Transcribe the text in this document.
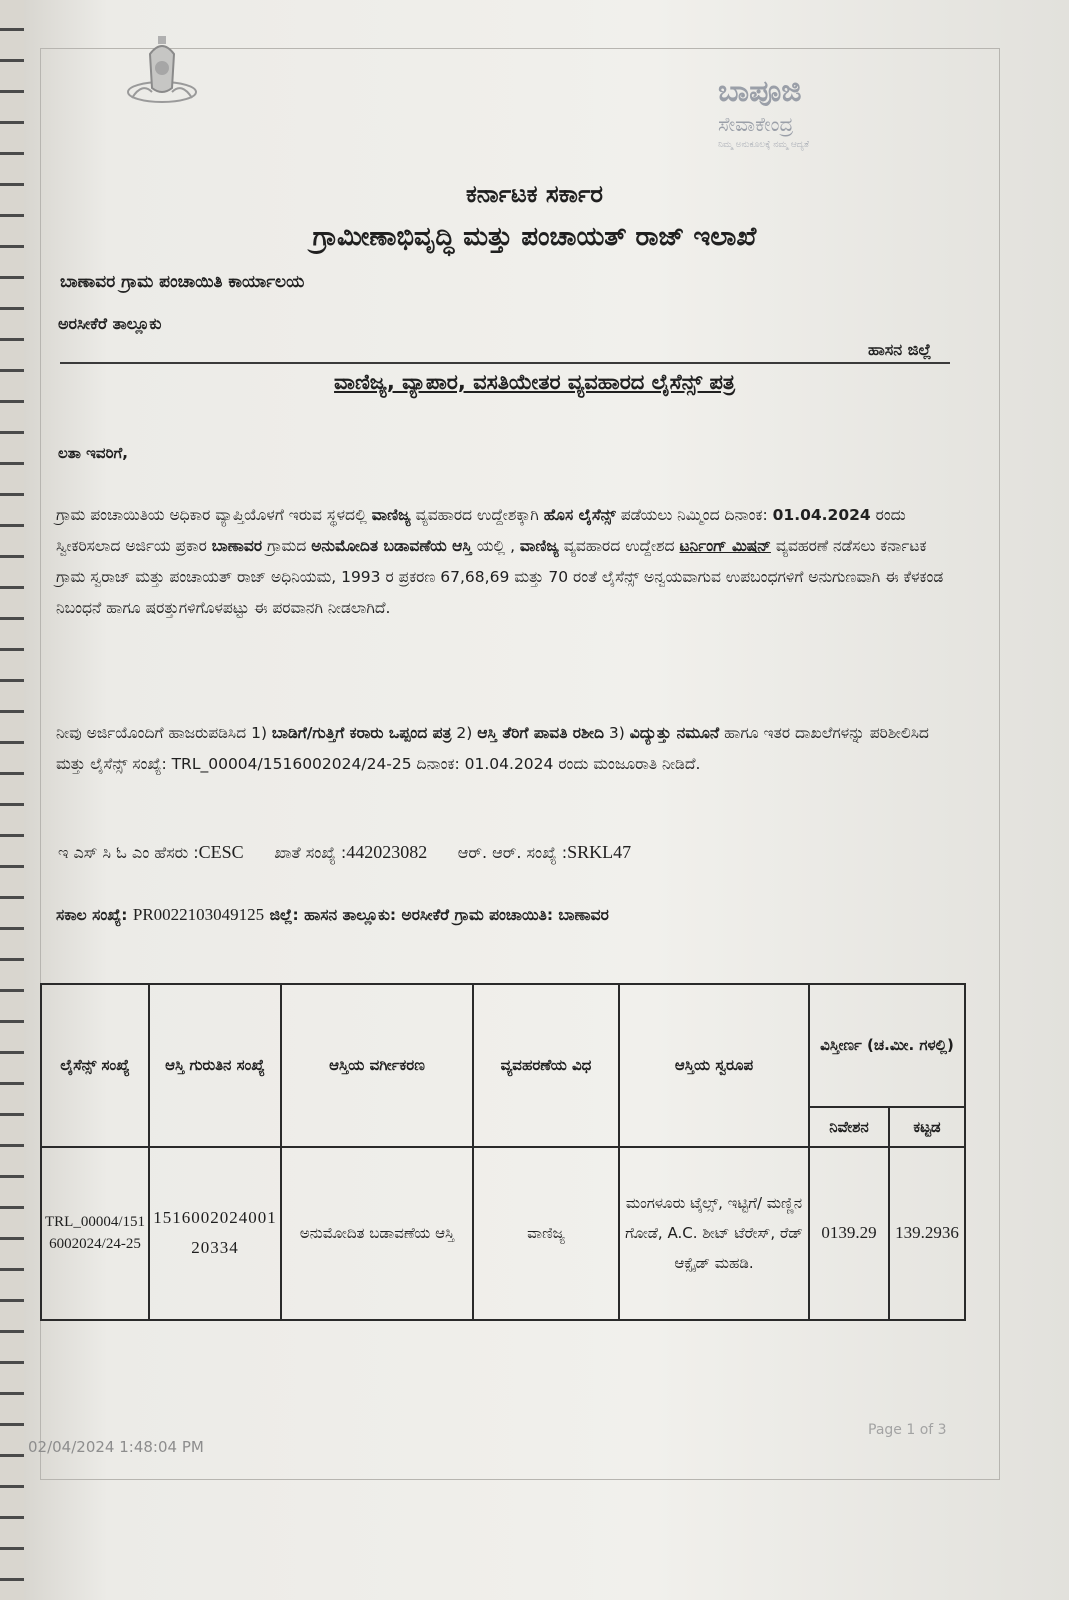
ಬಾಪೂಜಿ
ಸೇವಾಕೇಂದ್ರ
ನಿಮ್ಮ ಅನುಕೂಲಕ್ಕೆ ನಮ್ಮ ಆದ್ಯತೆ
ಕರ್ನಾಟಕ ಸರ್ಕಾರ
ಗ್ರಾಮೀಣಾಭಿವೃದ್ಧಿ ಮತ್ತು ಪಂಚಾಯತ್ ರಾಜ್ ಇಲಾಖೆ
ಬಾಣಾವರ ಗ್ರಾಮ ಪಂಚಾಯಿತಿ ಕಾರ್ಯಾಲಯ
ಅರಸೀಕೆರೆ ತಾಲ್ಲೂಕು
ಹಾಸನ ಜಿಲ್ಲೆ
ವಾಣಿಜ್ಯ, ವ್ಯಾಪಾರ, ವಸತಿಯೇತರ ವ್ಯವಹಾರದ ಲೈಸೆನ್ಸ್ ಪತ್ರ
ಲತಾ ಇವರಿಗೆ,
ಗ್ರಾಮ ಪಂಚಾಯಿತಿಯ ಅಧಿಕಾರ ವ್ಯಾಪ್ತಿಯೊಳಗೆ ಇರುವ ಸ್ಥಳದಲ್ಲಿ ವಾಣಿಜ್ಯ ವ್ಯವಹಾರದ ಉದ್ದೇಶಕ್ಕಾಗಿ ಹೊಸ ಲೈಸೆನ್ಸ್ ಪಡೆಯಲು ನಿಮ್ಮಿಂದ ದಿನಾಂಕ: 01.04.2024 ರಂದು ಸ್ವೀಕರಿಸಲಾದ ಅರ್ಜಿಯ ಪ್ರಕಾರ ಬಾಣಾವರ ಗ್ರಾಮದ ಅನುಮೋದಿತ ಬಡಾವಣೆಯ ಆಸ್ತಿ ಯಲ್ಲಿ , ವಾಣಿಜ್ಯ ವ್ಯವಹಾರದ ಉದ್ದೇಶದ ಟರ್ನಿಂಗ್ ಮಿಷನ್ ವ್ಯವಹರಣೆ ನಡೆಸಲು ಕರ್ನಾಟಕ ಗ್ರಾಮ ಸ್ವರಾಜ್ ಮತ್ತು ಪಂಚಾಯತ್ ರಾಜ್ ಅಧಿನಿಯಮ, 1993 ರ ಪ್ರಕರಣ 67,68,69 ಮತ್ತು 70 ರಂತೆ ಲೈಸೆನ್ಸ್ ಅನ್ವಯವಾಗುವ ಉಪಬಂಧಗಳಿಗೆ ಅನುಗುಣವಾಗಿ ಈ ಕೆಳಕಂಡ ನಿಬಂಧನೆ ಹಾಗೂ ಷರತ್ತುಗಳಿಗೊಳಪಟ್ಟು ಈ ಪರವಾನಗಿ ನೀಡಲಾಗಿದೆ.
ನೀವು ಅರ್ಜಿಯೊಂದಿಗೆ ಹಾಜರುಪಡಿಸಿದ 1) ಬಾಡಿಗೆ/ಗುತ್ತಿಗೆ ಕರಾರು ಒಪ್ಪಂದ ಪತ್ರ 2) ಆಸ್ತಿ ತೆರಿಗೆ ಪಾವತಿ ರಶೀದಿ 3) ವಿದ್ಯುತ್ತು ನಮೂನೆ ಹಾಗೂ ಇತರ ದಾಖಲೆಗಳನ್ನು ಪರಿಶೀಲಿಸಿದ ಮತ್ತು ಲೈಸೆನ್ಸ್ ಸಂಖ್ಯೆ: TRL_00004/1516002024/24-25 ದಿನಾಂಕ: 01.04.2024 ರಂದು ಮಂಜೂರಾತಿ ನೀಡಿದೆ.
ಇ ಎಸ್ ಸಿ ಓ ಎಂ ಹೆಸರು :CESC ಖಾತೆ ಸಂಖ್ಯೆ :442023082 ಆರ್. ಆರ್. ಸಂಖ್ಯೆ :SRKL47
ಸಕಾಲ ಸಂಖ್ಯೆ: PR0022103049125 ಜಿಲ್ಲೆ: ಹಾಸನ ತಾಲ್ಲೂಕು: ಅರಸೀಕೆರೆ ಗ್ರಾಮ ಪಂಚಾಯಿತಿ: ಬಾಣಾವರ
ಲೈಸೆನ್ಸ್ ಸಂಖ್ಯೆ	ಆಸ್ತಿ ಗುರುತಿನ ಸಂಖ್ಯೆ	ಆಸ್ತಿಯ ವರ್ಗೀಕರಣ	ವ್ಯವಹರಣೆಯ ವಿಧ	ಆಸ್ತಿಯ ಸ್ವರೂಪ	ವಿಸ್ತೀರ್ಣ (ಚ.ಮೀ. ಗಳಲ್ಲಿ)	
					ನಿವೇಶನ	ಕಟ್ಟಡ
TRL_00004/1516002024/24-25	151600202400120334	ಅನುಮೋದಿತ ಬಡಾವಣೆಯ ಆಸ್ತಿ	ವಾಣಿಜ್ಯ	ಮಂಗಳೂರು ಟೈಲ್ಸ್, ಇಟ್ಟಿಗೆ/ ಮಣ್ಣಿನ ಗೋಡೆ, A.C. ಶೀಟ್ ಟೆರೇಸ್, ರೆಡ್ ಆಕ್ಸೈಡ್ ಮಹಡಿ.	0139.29	139.2936
02/04/2024 1:48:04 PM
Page 1 of 3
